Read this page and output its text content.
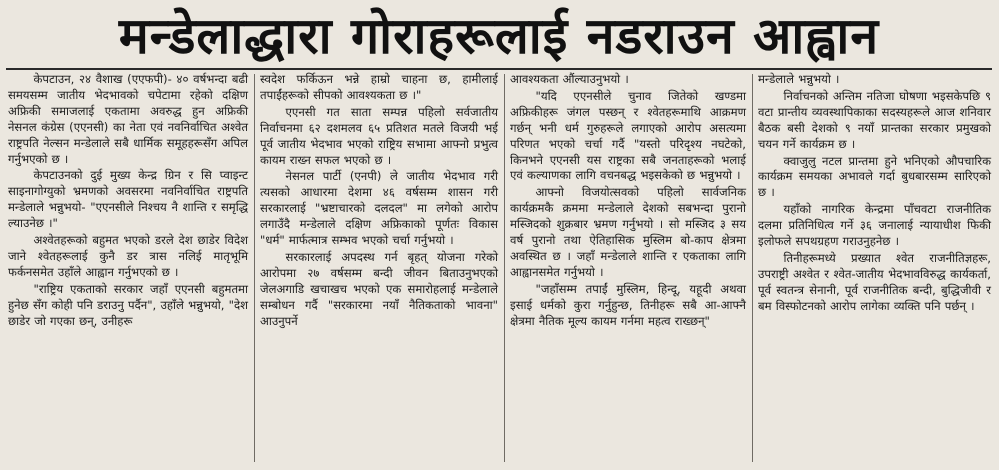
मन्डेलाद्धारा गोराहरूलाई नडराउन आह्वान

केपटाउन, २४ वैशाख (एएफपी)- ४० वर्षभन्दा बढी समयसम्म जातीय भेदभावको चपेटामा रहेको दक्षिण अफ्रिकी समाजलाई एकतामा अवरुद्ध हुन अफ्रिकी नेसनल कंग्रेस (एएनसी) का नेता एवं नवनिर्वाचित अश्वेत राष्ट्रपति नेल्सन मन्डेलाले सबै धार्मिक समूहहरूसँग अपिल गर्नुभएको छ ।

केपटाउनको दुई मुख्य केन्द्र ग्रिन र सि प्वाइन्ट साइनागोग्युको भ्रमणको अवसरमा नवनिर्वाचित राष्ट्रपति मन्डेलाले भन्नुभयो- "एएनसीले निश्चय नै शान्ति र समृद्धि ल्याउनेछ ।"

अश्वेतहरूको बहुमत भएको डरले देश छाडेर विदेश जाने श्वेतहरूलाई कुनै डर त्रास नलिई मातृभूमि फर्कनसमेत उहाँले आह्वान गर्नुभएको छ ।

"राष्ट्रिय एकताको सरकार जहाँ एएनसी बहुमतमा हुनेछ सँग कोही पनि डराउनु पर्दैन", उहाँले भन्नुभयो, "देश छाडेर जो गएका छन्, उनीहरू

स्वदेश फर्किऊन भन्ने हाम्रो चाहना छ, हामीलाई तपाईंहरूको सीपको आवश्यकता छ ।"

एएनसी गत साता सम्पन्न पहिलो सर्वजातीय निर्वाचनमा ६२ दशमलव ६५ प्रतिशत मतले विजयी भई पूर्व जातीय भेदभाव भएको राष्ट्रिय सभामा आफ्नो प्रभुत्व कायम राख्न सफल भएको छ ।

नेसनल पार्टी (एनपी) ले जातीय भेदभाव गरी त्यसको आधारमा देशमा ४६ वर्षसम्म शासन गरी सरकारलाई "भ्रष्टाचारको दलदल" मा लगेको आरोप लगाउँदै मन्डेलाले दक्षिण अफ्रिकाको पूर्णतः विकास "धर्म" मार्फत्मात्र सम्भव भएको चर्चा गर्नुभयो ।

सरकारलाई अपदस्थ गर्न बृहत् योजना गरेको आरोपमा २७ वर्षसम्म बन्दी जीवन बिताउनुभएको जेलअगाडि खचाखच भएको एक समारोहलाई मन्डेलाले सम्बोधन गर्दै "सरकारमा नयाँ नैतिकताको भावना" आउनुपर्ने

आवश्यकता औंल्याउनुभयो ।

"यदि एएनसीले चुनाव जितेको खण्डमा अफ्रिकीहरू जंगल पस्छन् र श्वेतहरूमाथि आक्रमण गर्छन् भनी धर्म गुरुहरूले लगाएको आरोप असत्यमा परिणत भएको चर्चा गर्दै "यस्तो परिदृश्य नघटेको, किनभने एएनसी यस राष्ट्रका सबै जनताहरूको भलाई एवं कल्याणका लागि वचनबद्ध भइसकेको छ भन्नुभयो ।

आफ्नो विजयोत्सवको पहिलो सार्वजनिक कार्यक्रमकै क्रममा मन्डेलाले देशको सबभन्दा पुरानो मस्जिदको शुक्रबार भ्रमण गर्नुभयो । सो मस्जिद ३ सय वर्ष पुरानो तथा ऐतिहासिक मुस्लिम बो-काप क्षेत्रमा अवस्थित छ । जहाँ मन्डेलाले शान्ति र एकताका लागि आह्वानसमेत गर्नुभयो ।

"जहाँसम्म तपाईं मुस्लिम, हिन्दू, यहूदी अथवा इसाई धर्मको कुरा गर्नुहुन्छ, तिनीहरू सबै आ-आफ्नै क्षेत्रमा नैतिक मूल्य कायम गर्नमा महत्व राख्छन्"

मन्डेलाले भन्नुभयो ।

निर्वाचनको अन्तिम नतिजा घोषणा भइसकेपछि ९ वटा प्रान्तीय व्यवस्थापिकाका सदस्यहरूले आज शनिवार बैठक बसी देशको ९ नयाँ प्रान्तका सरकार प्रमुखको चयन गर्ने कार्यक्रम छ ।

क्वाजुलु नटल प्रान्तमा हुने भनिएको औपचारिक कार्यक्रम समयका अभावले गर्दा बुधबारसम्म सारिएको छ ।

यहाँको नागरिक केन्द्रमा पाँचवटा राजनीतिक दलमा प्रतिनिधित्व गर्ने ३६ जनालाई न्यायाधीश फिकी इलोफले सपथग्रहण गराउनुहनेछ ।

तिनीहरूमध्ये प्रख्यात श्वेत राजनीतिज्ञहरू, उपराष्ट्री अश्वेत र श्वेत-जातीय भेदभावविरुद्ध कार्यकर्ता, पूर्व स्वतन्त्र सेनानी, पूर्व राजनीतिक बन्दी, बुद्धिजीवी र बम विस्फोटनको आरोप लागेका व्यक्ति पनि पर्छन् ।
